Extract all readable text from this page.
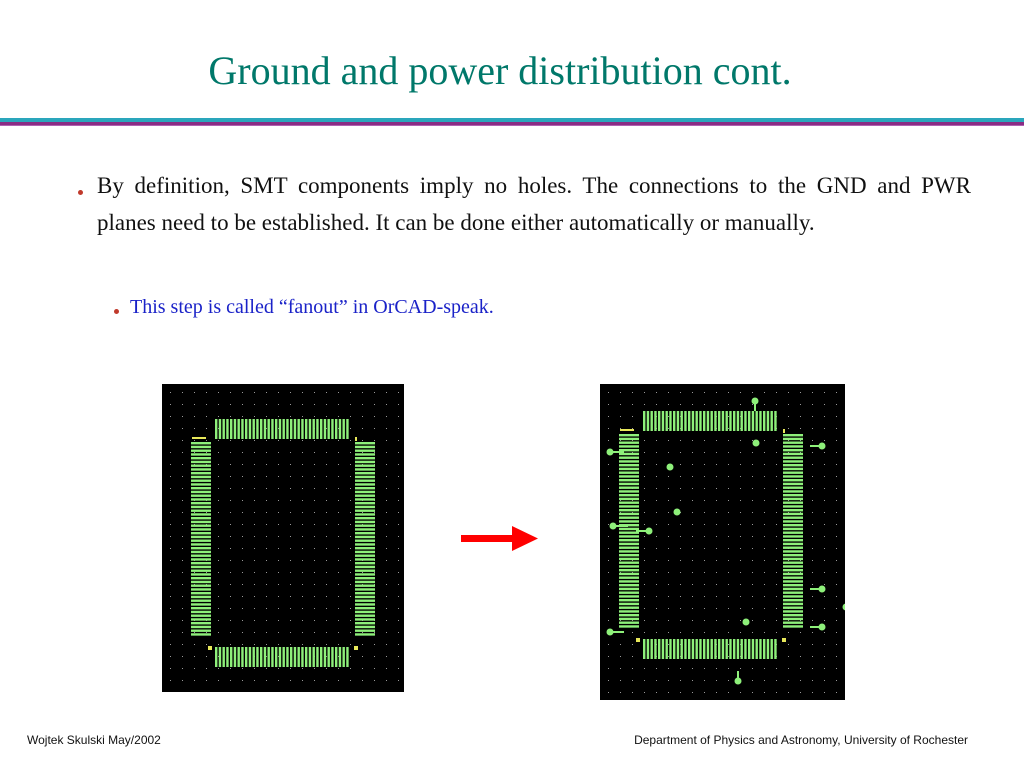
Ground and power distribution cont.
By definition, SMT components imply no holes. The connections to the GND and PWR planes need to be established. It can be done either automatically or manually.
This step is called “fanout” in OrCAD-speak.
Wojtek Skulski May/2002	Department of Physics and Astronomy, University of Rochester
